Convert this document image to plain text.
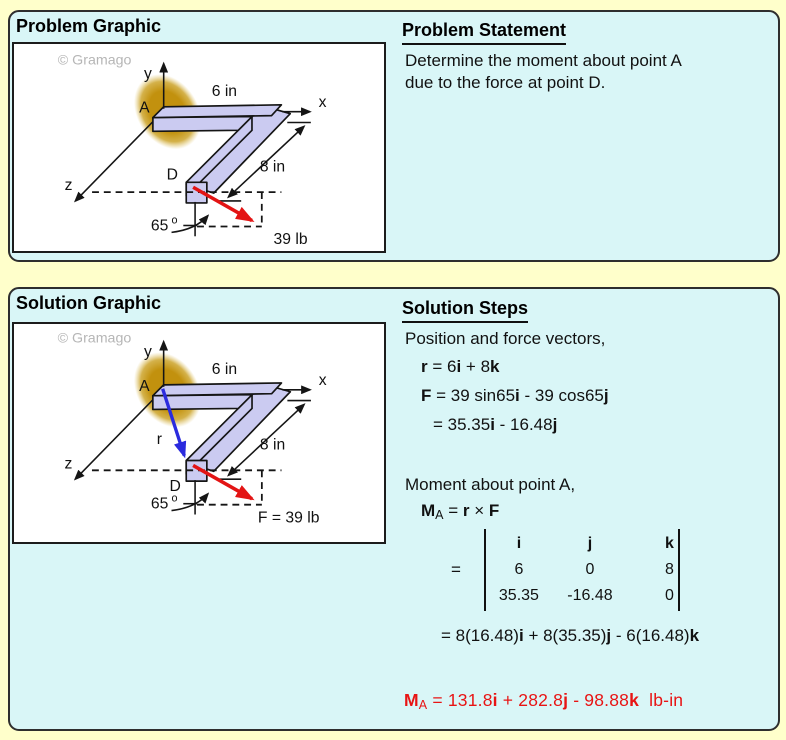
Problem Graphic
© Gramago
y
x
z
A
6 in
8 in
65 o
D
39 lb
Problem Statement
Determine the moment about point A
due to the force at point D.
Solution Graphic
© Gramago
y
x
z
A
6 in
8 in
65 o
D
r
F = 39 lb
Solution Steps
Position and force vectors,
r = 6i + 8k
F = 39 sin65i - 39 cos65j
= 35.35i - 16.48j
Moment about point A,
$M_A = r \times F$
=
i	j	k
6	0	8
35.35	-16.48	0
= 8(16.48)i + 8(35.35)j - 6(16.48)k
$M_A = 131.8i + 282.8j - 98.88k$  lb-in
